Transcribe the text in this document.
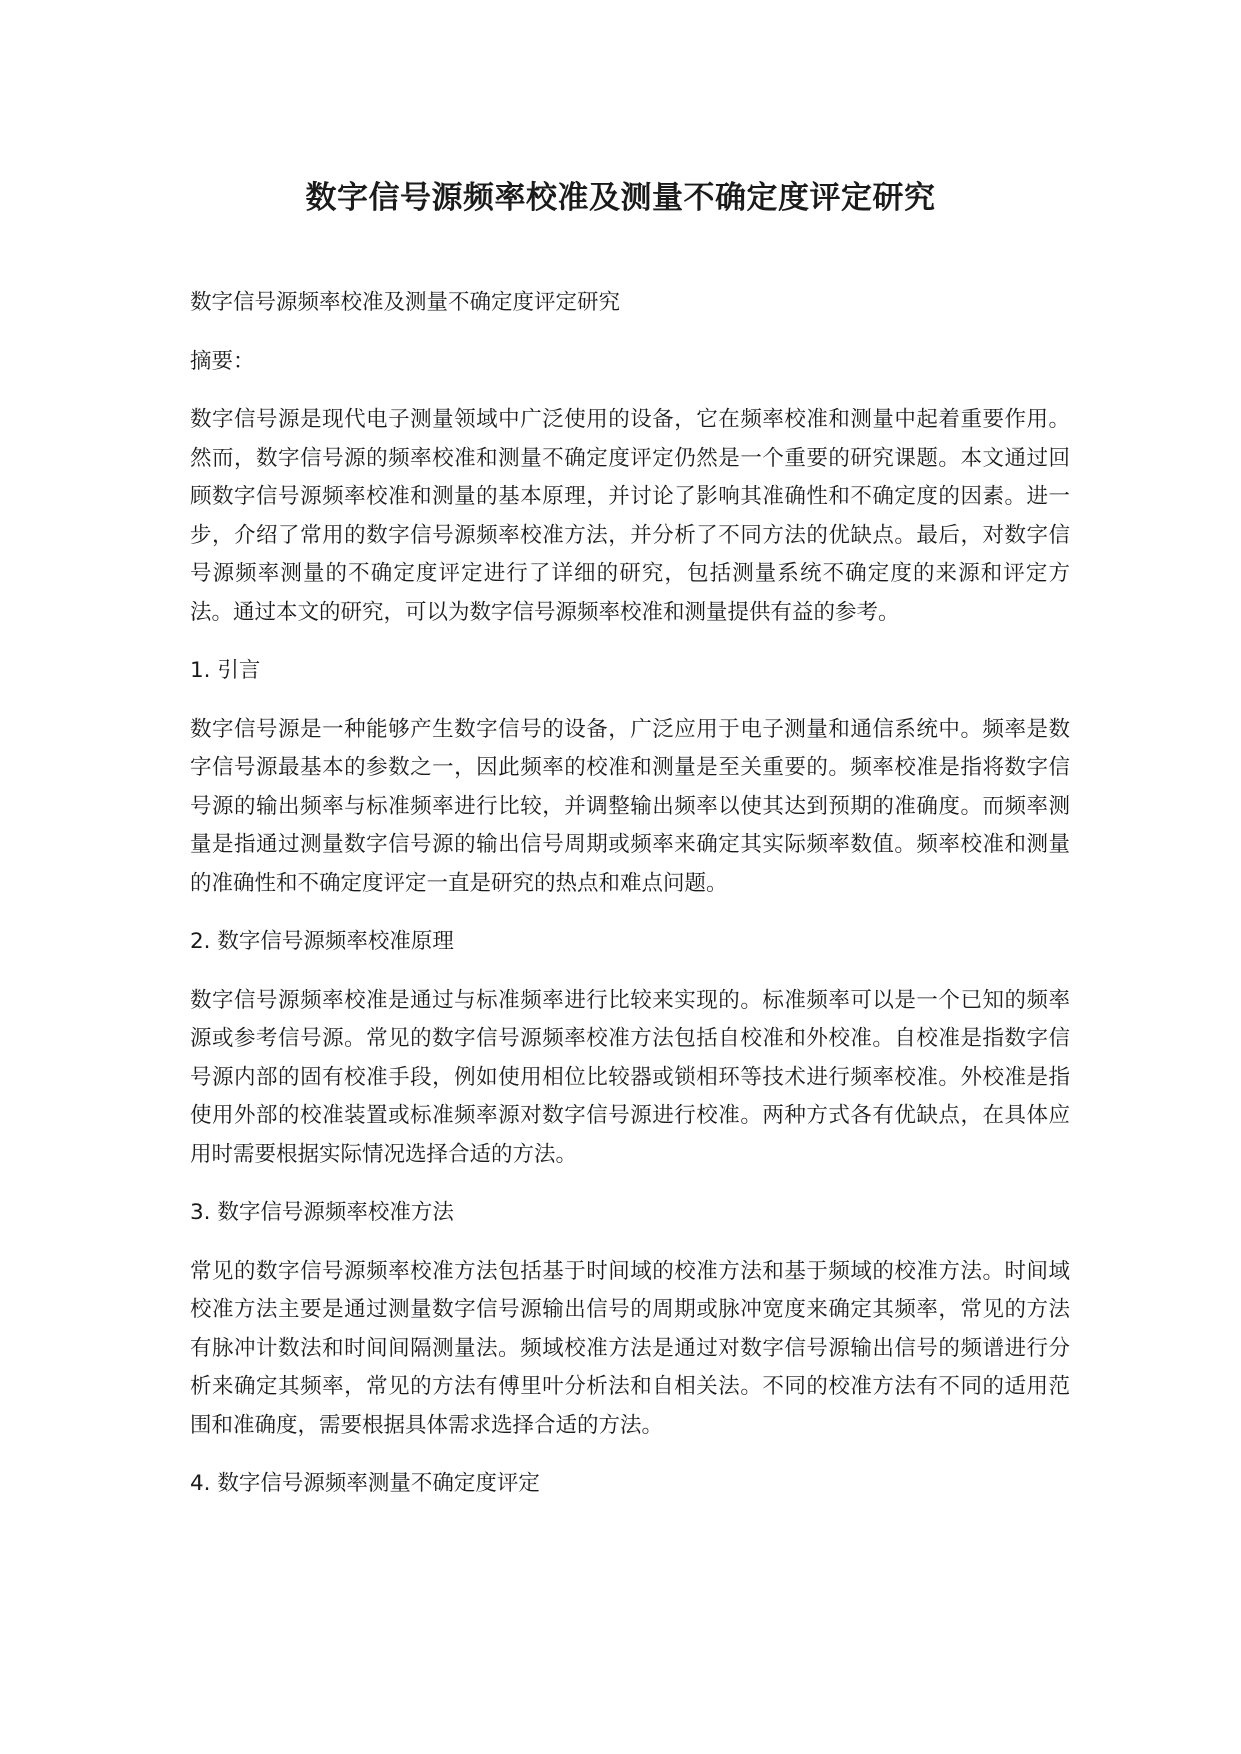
数字信号源频率校准及测量不确定度评定研究

数字信号源频率校准及测量不确定度评定研究

摘要：

数字信号源是现代电子测量领域中广泛使用的设备，它在频率校准和测量中起着重要作用。然而，数字信号源的频率校准和测量不确定度评定仍然是一个重要的研究课题。本文通过回顾数字信号源频率校准和测量的基本原理，并讨论了影响其准确性和不确定度的因素。进一步，介绍了常用的数字信号源频率校准方法，并分析了不同方法的优缺点。最后，对数字信号源频率测量的不确定度评定进行了详细的研究，包括测量系统不确定度的来源和评定方法。通过本文的研究，可以为数字信号源频率校准和测量提供有益的参考。

1. 引言

数字信号源是一种能够产生数字信号的设备，广泛应用于电子测量和通信系统中。频率是数字信号源最基本的参数之一，因此频率的校准和测量是至关重要的。频率校准是指将数字信号源的输出频率与标准频率进行比较，并调整输出频率以使其达到预期的准确度。而频率测量是指通过测量数字信号源的输出信号周期或频率来确定其实际频率数值。频率校准和测量的准确性和不确定度评定一直是研究的热点和难点问题。

2. 数字信号源频率校准原理

数字信号源频率校准是通过与标准频率进行比较来实现的。标准频率可以是一个已知的频率源或参考信号源。常见的数字信号源频率校准方法包括自校准和外校准。自校准是指数字信号源内部的固有校准手段，例如使用相位比较器或锁相环等技术进行频率校准。外校准是指使用外部的校准装置或标准频率源对数字信号源进行校准。两种方式各有优缺点，在具体应用时需要根据实际情况选择合适的方法。

3. 数字信号源频率校准方法

常见的数字信号源频率校准方法包括基于时间域的校准方法和基于频域的校准方法。时间域校准方法主要是通过测量数字信号源输出信号的周期或脉冲宽度来确定其频率，常见的方法有脉冲计数法和时间间隔测量法。频域校准方法是通过对数字信号源输出信号的频谱进行分析来确定其频率，常见的方法有傅里叶分析法和自相关法。不同的校准方法有不同的适用范围和准确度，需要根据具体需求选择合适的方法。

4. 数字信号源频率测量不确定度评定
